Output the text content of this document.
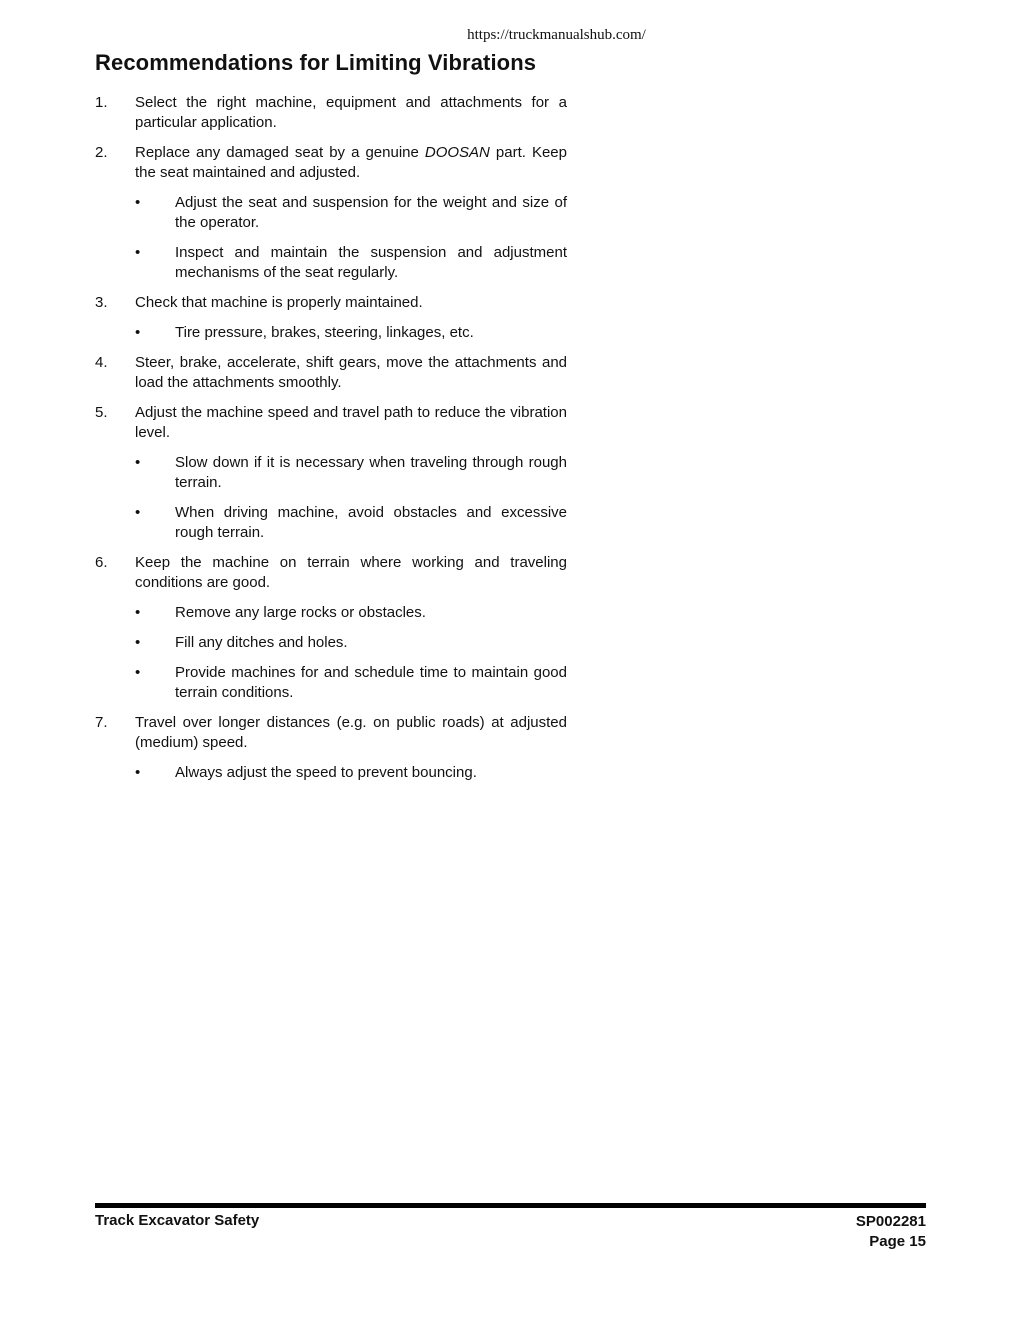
https://truckmanualshub.com/
Recommendations for Limiting Vibrations
1.	Select the right machine, equipment and attachments for a particular application.
2.	Replace any damaged seat by a genuine DOOSAN part. Keep the seat maintained and adjusted.
•	Adjust the seat and suspension for the weight and size of the operator.
•	Inspect and maintain the suspension and adjustment mechanisms of the seat regularly.
3.	Check that machine is properly maintained.
•	Tire pressure, brakes, steering, linkages, etc.
4.	Steer, brake, accelerate, shift gears, move the attachments and load the attachments smoothly.
5.	Adjust the machine speed and travel path to reduce the vibration level.
•	Slow down if it is necessary when traveling through rough terrain.
•	When driving machine, avoid obstacles and excessive rough terrain.
6.	Keep the machine on terrain where working and traveling conditions are good.
•	Remove any large rocks or obstacles.
•	Fill any ditches and holes.
•	Provide machines for and schedule time to maintain good terrain conditions.
7.	Travel over longer distances (e.g. on public roads) at adjusted (medium) speed.
•	Always adjust the speed to prevent bouncing.
Track Excavator Safety	SP002281
Page 15
